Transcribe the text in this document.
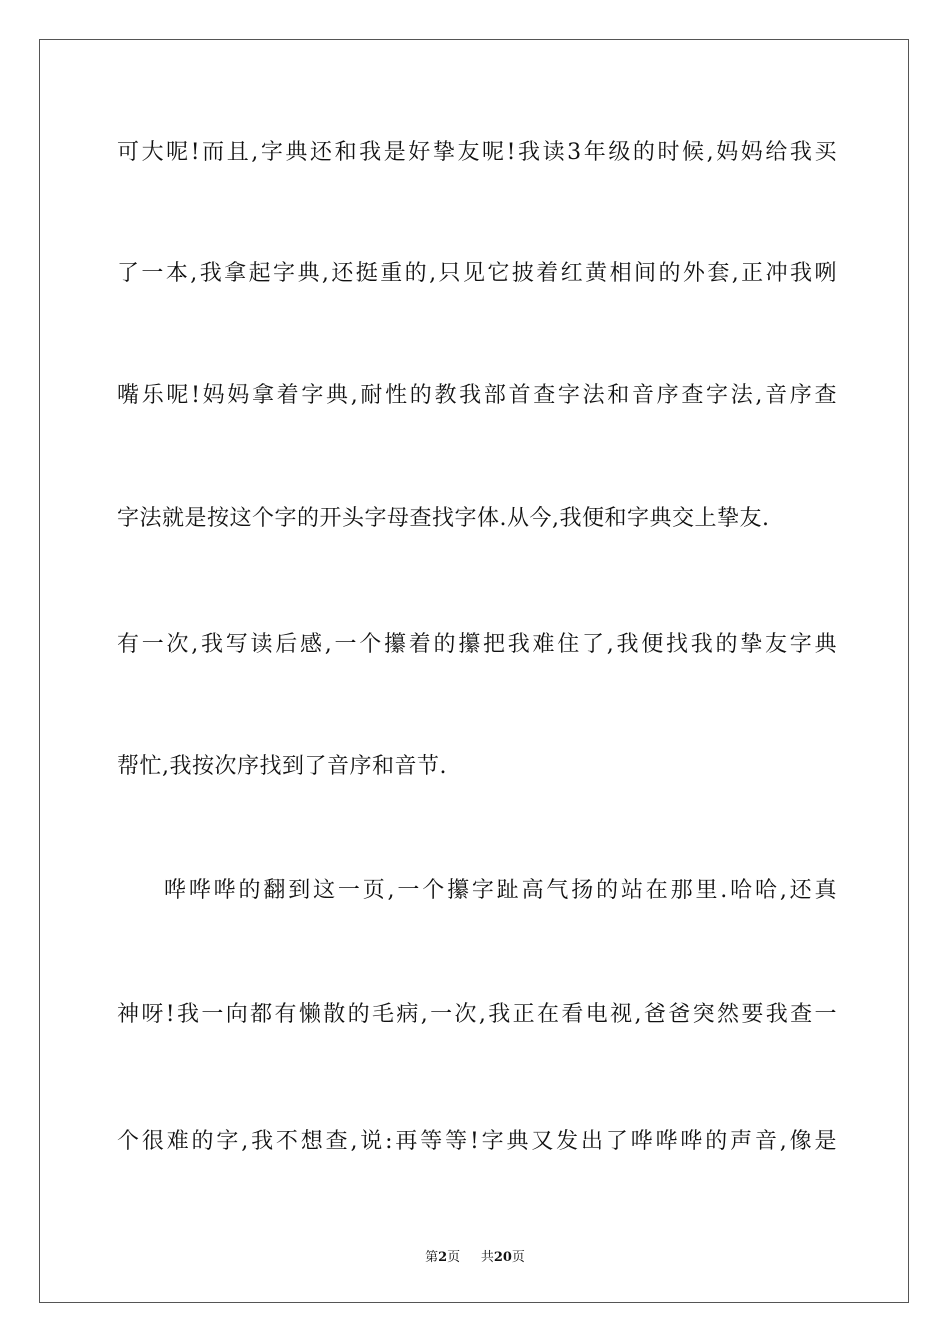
可大呢!而且,字典还和我是好挚友呢!我读3年级的时候,妈妈给我买
了一本,我拿起字典,还挺重的,只见它披着红黄相间的外套,正冲我咧
嘴乐呢!妈妈拿着字典,耐性的教我部首查字法和音序查字法,音序查
字法就是按这个字的开头字母查找字体.从今,我便和字典交上挚友.
有一次,我写读后感,一个攥着的攥把我难住了,我便找我的挚友字典
帮忙,我按次序找到了音序和音节.
哗哗哗的翻到这一页,一个攥字趾高气扬的站在那里.哈哈,还真
神呀!我一向都有懒散的毛病,一次,我正在看电视,爸爸突然要我查一
个很难的字,我不想查,说:再等等!字典又发出了哗哗哗的声音,像是
第2页 共20页
